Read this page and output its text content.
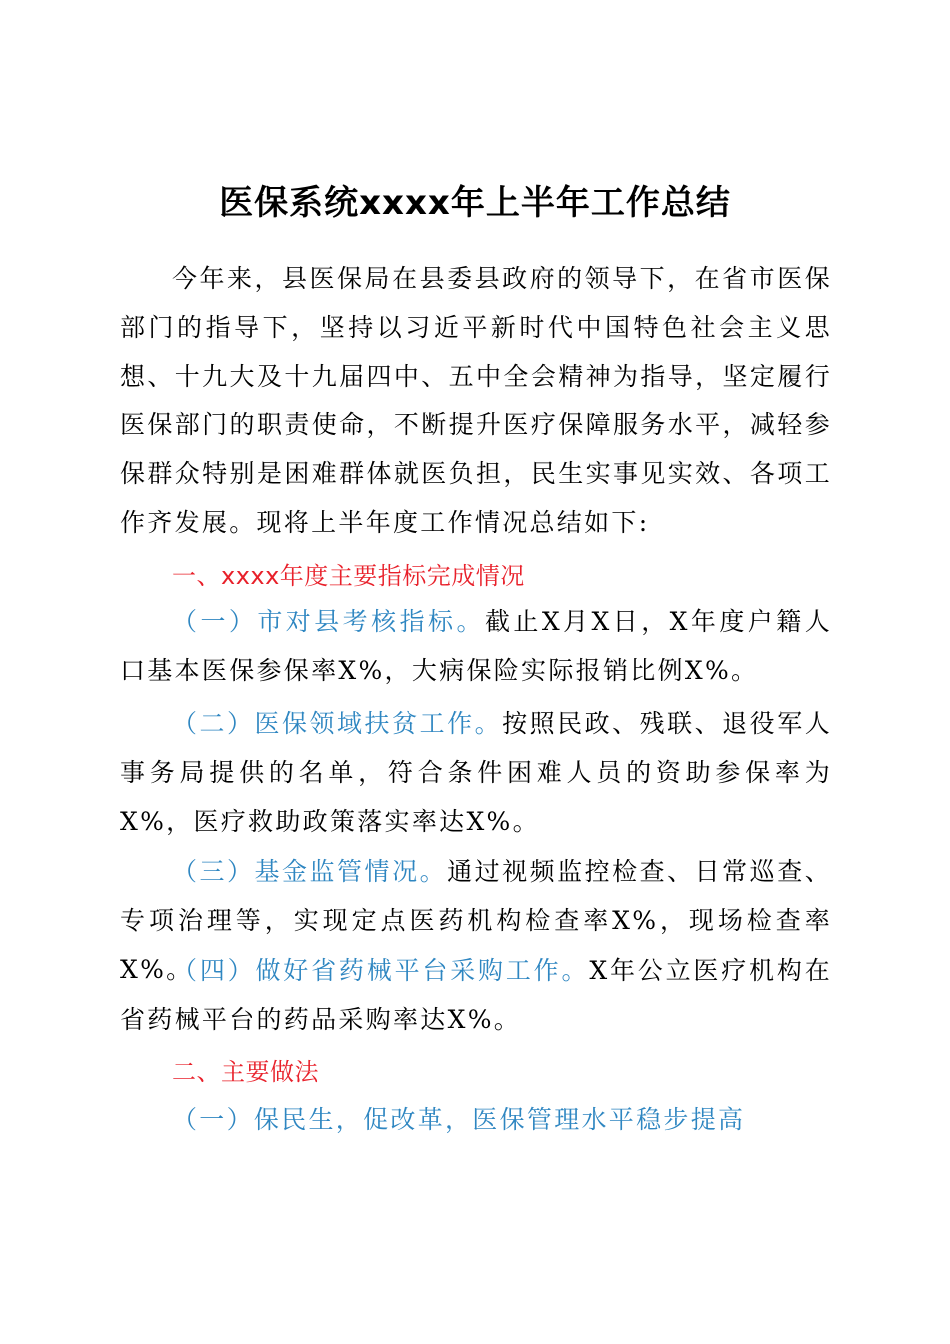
医保系统xxxx年上半年工作总结

今年来，县医保局在县委县政府的领导下，在省市医保部门的指导下，坚持以习近平新时代中国特色社会主义思想、十九大及十九届四中、五中全会精神为指导，坚定履行医保部门的职责使命，不断提升医疗保障服务水平，减轻参保群众特别是困难群体就医负担，民生实事见实效、各项工作齐发展。现将上半年度工作情况总结如下:

一、xxxx年度主要指标完成情况

（一）市对县考核指标。截止X月X日，X年度户籍人口基本医保参保率X%，大病保险实际报销比例X%。

（二）医保领域扶贫工作。按照民政、残联、退役军人事务局提供的名单，符合条件困难人员的资助参保率为X%，医疗救助政策落实率达X%。

（三）基金监管情况。通过视频监控检查、日常巡查、专项治理等，实现定点医药机构检查率X%，现场检查率X%。

（四）做好省药械平台采购工作。X年公立医疗机构在省药械平台的药品采购率达X%。

二、主要做法

（一）保民生，促改革，医保管理水平稳步提高
